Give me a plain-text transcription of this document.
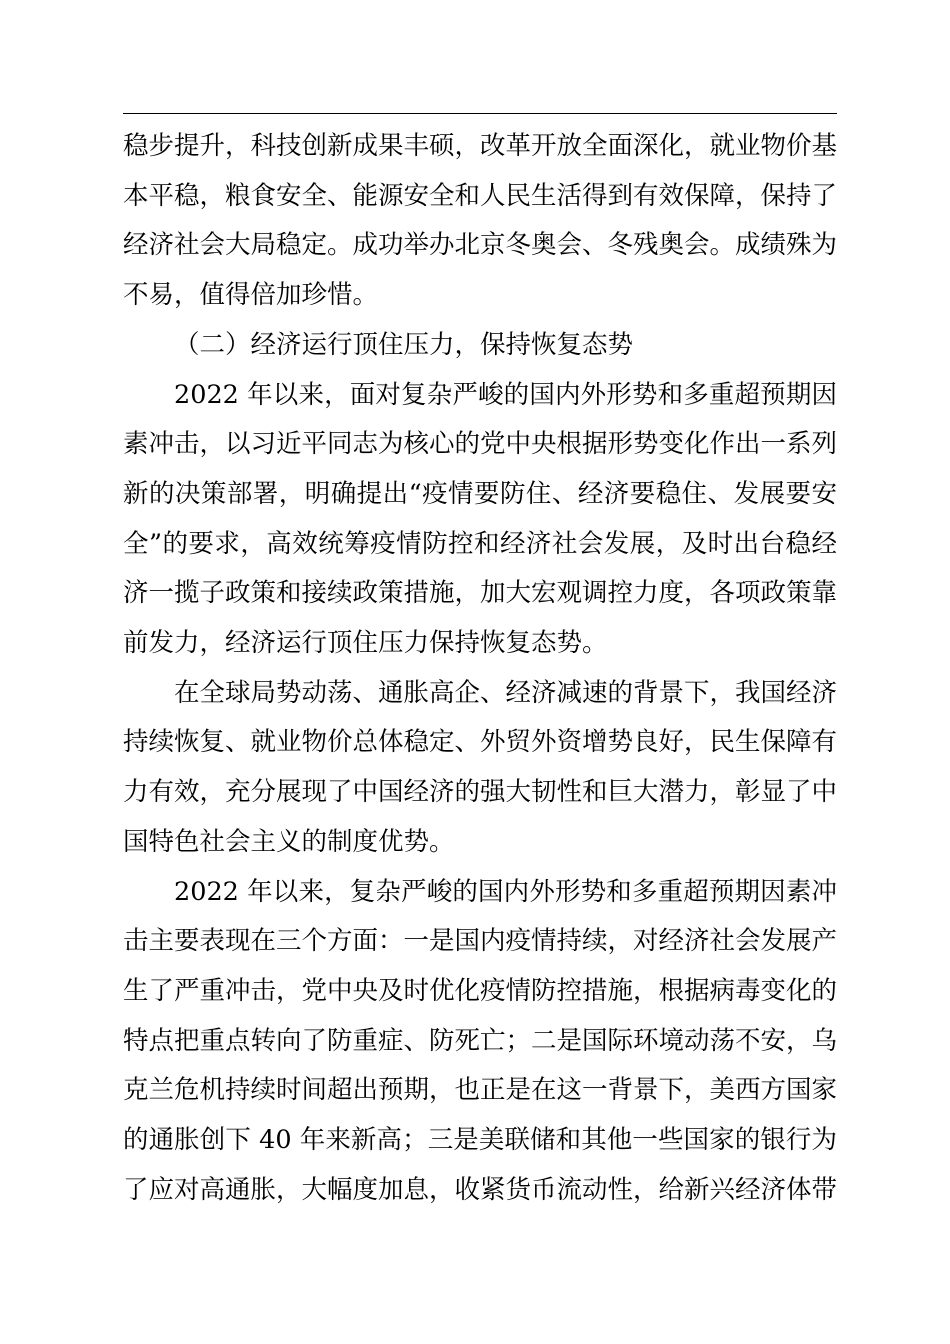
稳步提升，科技创新成果丰硕，改革开放全面深化，就业物价基
本平稳，粮食安全、能源安全和人民生活得到有效保障，保持了
经济社会大局稳定。成功举办北京冬奥会、冬残奥会。成绩殊为
不易，值得倍加珍惜。
（二）经济运行顶住压力，保持恢复态势
2022 年以来，面对复杂严峻的国内外形势和多重超预期因
素冲击，以习近平同志为核心的党中央根据形势变化作出一系列
新的决策部署，明确提出“疫情要防住、经济要稳住、发展要安
全”的要求，高效统筹疫情防控和经济社会发展，及时出台稳经
济一揽子政策和接续政策措施，加大宏观调控力度，各项政策靠
前发力，经济运行顶住压力保持恢复态势。
在全球局势动荡、通胀高企、经济减速的背景下，我国经济
持续恢复、就业物价总体稳定、外贸外资增势良好，民生保障有
力有效，充分展现了中国经济的强大韧性和巨大潜力，彰显了中
国特色社会主义的制度优势。
2022 年以来，复杂严峻的国内外形势和多重超预期因素冲
击主要表现在三个方面：一是国内疫情持续，对经济社会发展产
生了严重冲击，党中央及时优化疫情防控措施，根据病毒变化的
特点把重点转向了防重症、防死亡；二是国际环境动荡不安，乌
克兰危机持续时间超出预期，也正是在这一背景下，美西方国家
的通胀创下 40 年来新高；三是美联储和其他一些国家的银行为
了应对高通胀，大幅度加息，收紧货币流动性，给新兴经济体带
